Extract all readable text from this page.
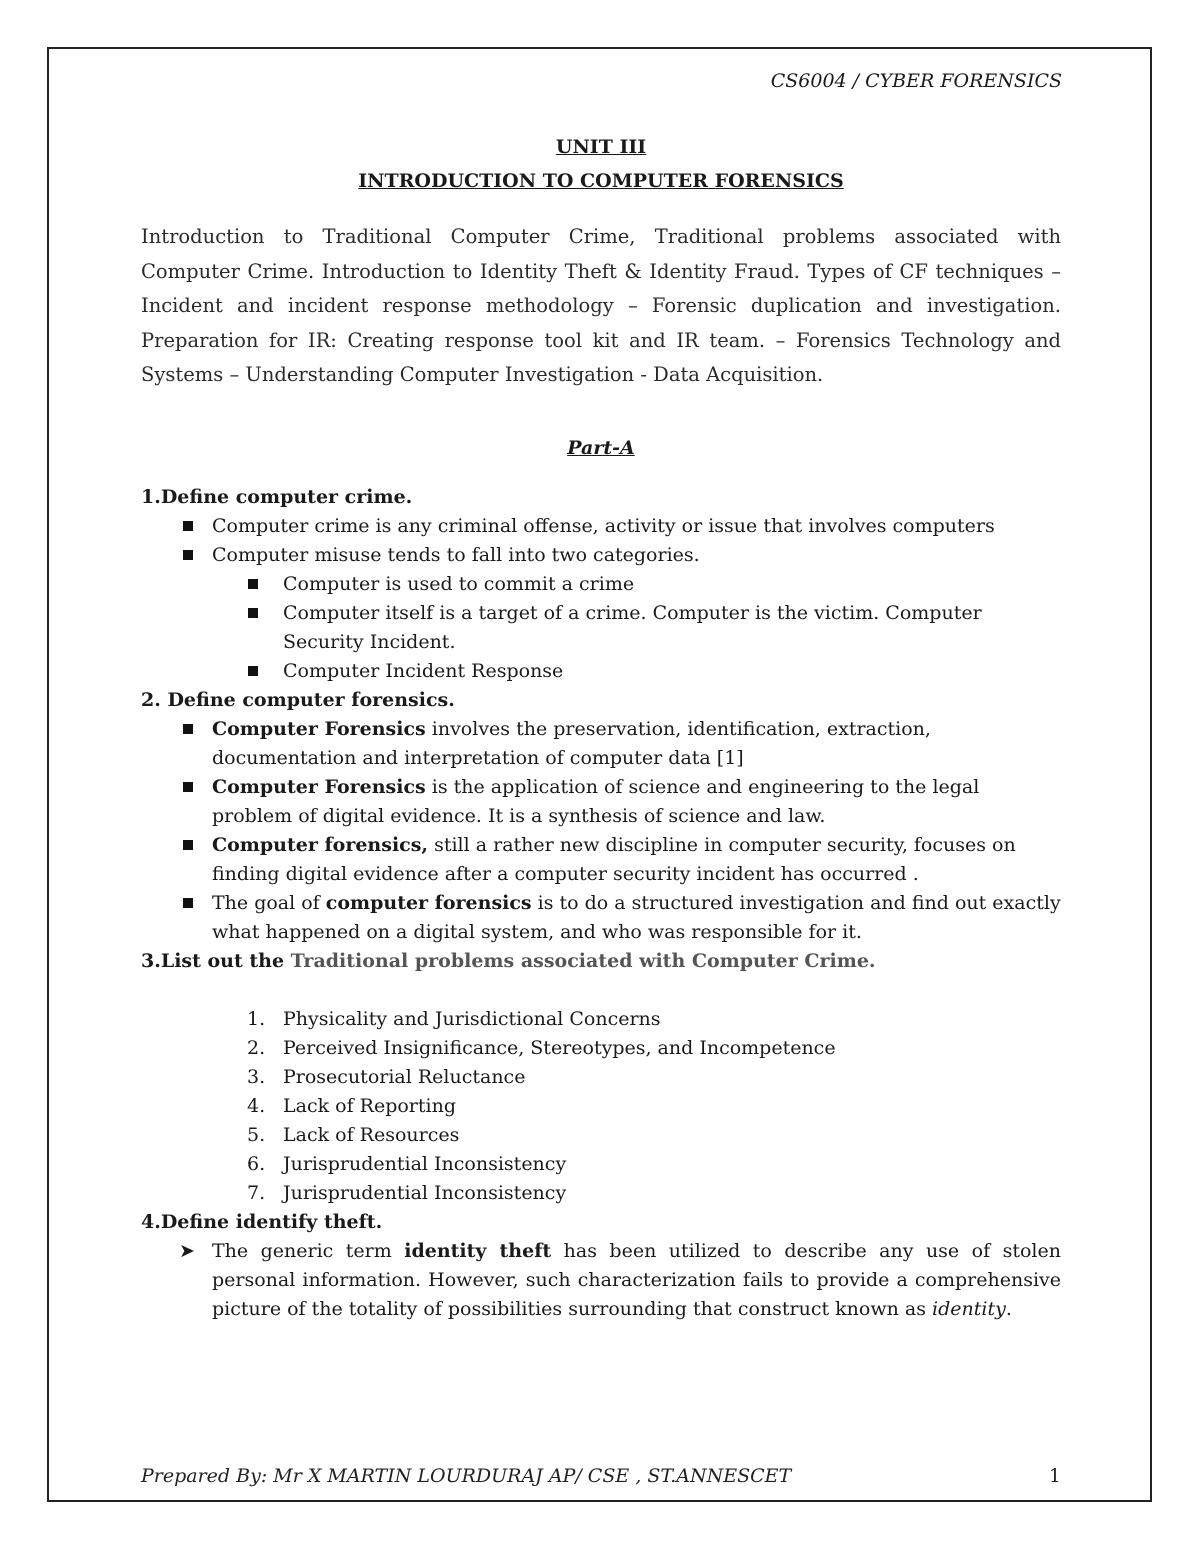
CS6004 / CYBER FORENSICS
UNIT III
INTRODUCTION TO COMPUTER FORENSICS
Introduction to Traditional Computer Crime, Traditional problems associated with Computer Crime. Introduction to Identity Theft & Identity Fraud. Types of CF techniques – Incident and incident response methodology – Forensic duplication and investigation. Preparation for IR: Creating response tool kit and IR team. – Forensics Technology and Systems – Understanding Computer Investigation - Data Acquisition.
Part-A

1.Define computer crime.

Computer crime is any criminal offense, activity or issue that involves computers
Computer misuse tends to fall into two categories.
Computer is used to commit a crime
Computer itself is a target of a crime. Computer is the victim. Computer Security Incident.
Computer Incident Response

2. Define computer forensics.

Computer Forensics involves the preservation, identification, extraction, documentation and interpretation of computer data [1]
Computer Forensics is the application of science and engineering to the legal problem of digital evidence. It is a synthesis of science and law.
Computer forensics, still a rather new discipline in computer security, focuses on finding digital evidence after a computer security incident has occurred .
The goal of computer forensics is to do a structured investigation and find out exactly what happened on a digital system, and who was responsible for it.

3.List out the Traditional problems associated with Computer Crime.

1. Physicality and Jurisdictional Concerns
2. Perceived Insignificance, Stereotypes, and Incompetence
3. Prosecutorial Reluctance
4. Lack of Reporting
5. Lack of Resources
6. Jurisprudential Inconsistency
7. Jurisprudential Inconsistency

4.Define identify theft.

➤ The generic term identity theft has been utilized to describe any use of stolen personal information. However, such characterization fails to provide a comprehensive picture of the totality of possibilities surrounding that construct known as identity.
Prepared By: Mr X MARTIN LOURDURAJ AP/ CSE , ST.ANNESCET	1
